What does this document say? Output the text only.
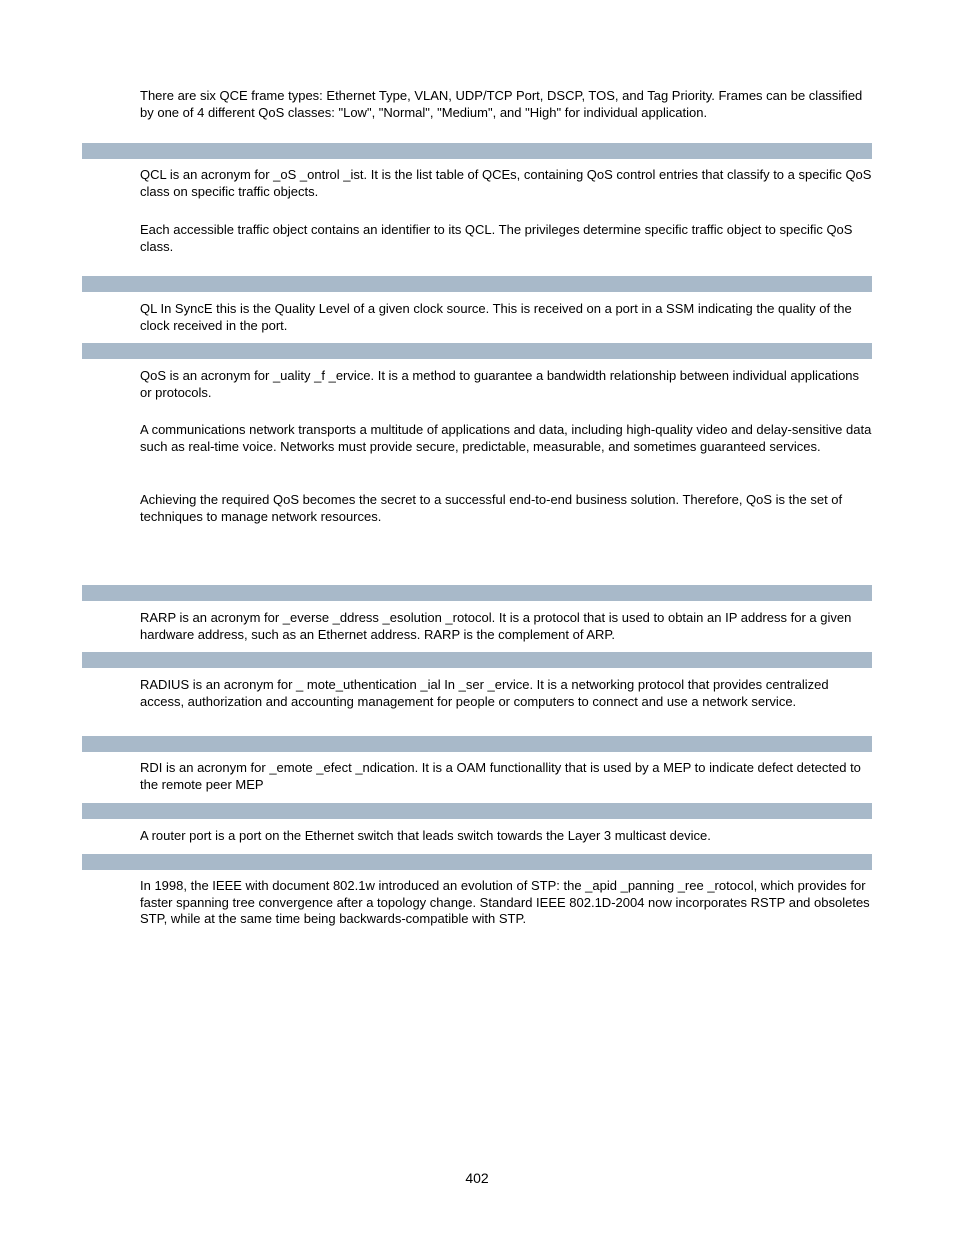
There are six QCE frame types: Ethernet Type, VLAN, UDP/TCP Port, DSCP, TOS, and Tag Priority. Frames can be classified by one of 4 different QoS classes: "Low", "Normal", "Medium", and "High" for individual application.

QCL is an acronym for _oS _ontrol _ist. It is the list table of QCEs, containing QoS control entries that classify to a specific QoS class on specific traffic objects.

Each accessible traffic object contains an identifier to its QCL. The privileges determine specific traffic object to specific QoS class.

QL In SyncE this is the Quality Level of a given clock source. This is received on a port in a SSM indicating the quality of the clock received in the port.

QoS is an acronym for _uality _f _ervice. It is a method to guarantee a bandwidth relationship between individual applications or protocols.

A communications network transports a multitude of applications and data, including high-quality video and delay-sensitive data such as real-time voice. Networks must provide secure, predictable, measurable, and sometimes guaranteed services.

Achieving the required QoS becomes the secret to a successful end-to-end business solution. Therefore, QoS is the set of techniques to manage network resources.

RARP is an acronym for _everse _ddress _esolution _rotocol. It is a protocol that is used to obtain an IP address for a given hardware address, such as an Ethernet address. RARP is the complement of ARP.

RADIUS is an acronym for _ mote_uthentication _ial In _ser _ervice. It is a networking protocol that provides centralized access, authorization and accounting management for people or computers to connect and use a network service.

RDI is an acronym for _emote _efect _ndication. It is a OAM functionallity that is used by a MEP to indicate defect detected to the remote peer MEP

A router port is a port on the Ethernet switch that leads switch towards the Layer 3 multicast device.

In 1998, the IEEE with document 802.1w introduced an evolution of STP: the _apid _panning _ree _rotocol, which provides for faster spanning tree convergence after a topology change. Standard IEEE 802.1D-2004 now incorporates RSTP and obsoletes STP, while at the same time being backwards-compatible with STP.

402
